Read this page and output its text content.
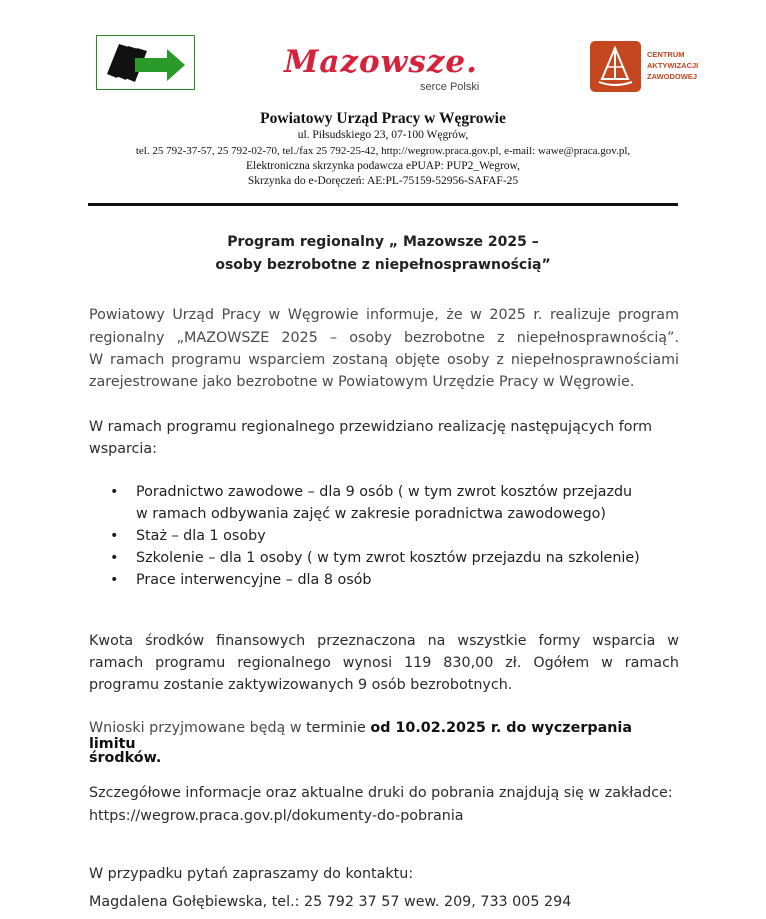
Mazowsze.
serce Polski
CENTRUM
AKTYWIZACJI
ZAWODOWEJ
Powiatowy Urząd Pracy w Węgrowie
ul. Piłsudskiego 23, 07-100 Węgrów,
tel. 25 792-37-57, 25 792-02-70, tel./fax 25 792-25-42, http://wegrow.praca.gov.pl, e-mail: wawe@praca.gov.pl,
Elektroniczna skrzynka podawcza ePUAP: PUP2_Wegrow,
Skrzynka do e-Doręczeń: AE:PL-75159-52956-SAFAF-25
Program regionalny „ Mazowsze 2025 –
osoby bezrobotne z niepełnosprawnością”
Powiatowy Urząd Pracy w Węgrowie informuje, że w 2025 r. realizuje program
regionalny „MAZOWSZE 2025 – osoby bezrobotne z niepełnosprawnością”.
W ramach programu wsparciem zostaną objęte osoby z niepełnosprawnościami
zarejestrowane jako bezrobotne w Powiatowym Urzędzie Pracy w Węgrowie.
W ramach programu regionalnego przewidziano realizację następujących form
wsparcia:
• Poradnictwo zawodowe – dla 9 osób ( w tym zwrot kosztów przejazdu
w ramach odbywania zajęć w zakresie poradnictwa zawodowego)
• Staż – dla 1 osoby
• Szkolenie – dla 1 osoby ( w tym zwrot kosztów przejazdu na szkolenie)
• Prace interwencyjne – dla 8 osób
Kwota środków finansowych przeznaczona na wszystkie formy wsparcia w
ramach programu regionalnego wynosi 119 830,00 zł. Ogółem w ramach
programu zostanie zaktywizowanych 9 osób bezrobotnych.
Wnioski przyjmowane będą w terminie od 10.02.2025 r. do wyczerpania limitu
środków.
Szczegółowe informacje oraz aktualne druki do pobrania znajdują się w zakładce:
https://wegrow.praca.gov.pl/dokumenty-do-pobrania
W przypadku pytań zapraszamy do kontaktu:
Magdalena Gołębiewska, tel.: 25 792 37 57 wew. 209, 733 005 294
